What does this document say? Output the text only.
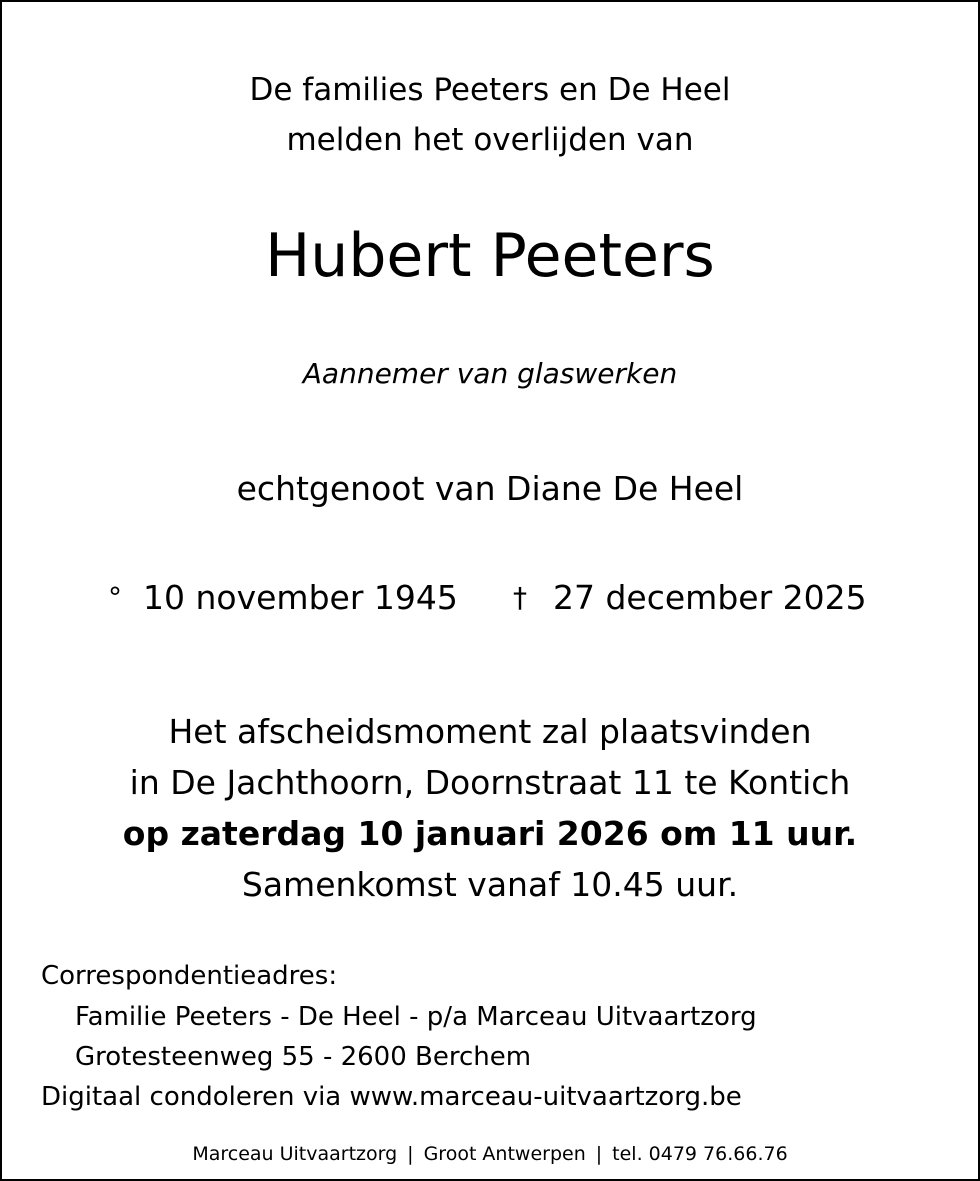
De families Peeters en De Heel
melden het overlijden van
Hubert Peeters
Aannemer van glaswerken
echtgenoot van Diane De Heel
° 10 november 1945 † 27 december 2025
Het afscheidsmoment zal plaatsvinden
in De Jachthoorn, Doornstraat 11 te Kontich
op zaterdag 10 januari 2026 om 11 uur.
Samenkomst vanaf 10.45 uur.
Correspondentieadres:
Familie Peeters - De Heel - p/a Marceau Uitvaartzorg
Grotesteenweg 55 - 2600 Berchem
Digitaal condoleren via www.marceau-uitvaartzorg.be
Marceau Uitvaartzorg | Groot Antwerpen | tel. 0479 76.66.76
